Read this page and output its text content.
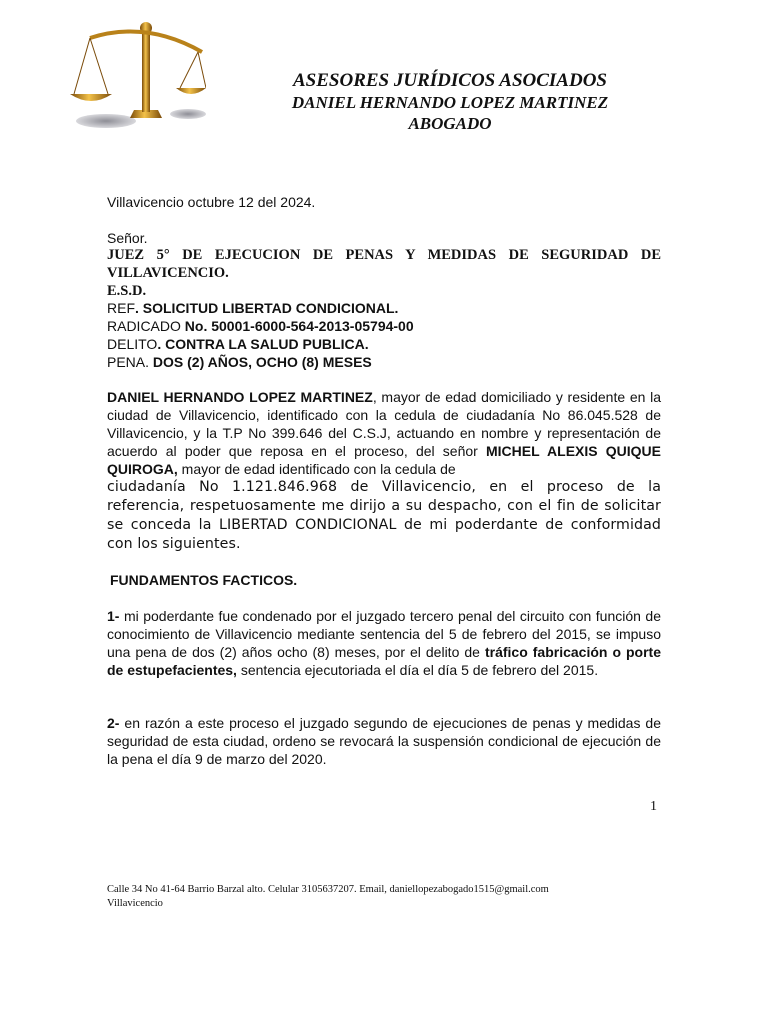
ASESORES JURÍDICOS ASOCIADOS
DANIEL HERNANDO LOPEZ MARTINEZ
ABOGADO
Villavicencio octubre 12 del 2024.
Señor.
JUEZ 5° DE EJECUCION DE PENAS Y MEDIDAS DE SEGURIDAD DE VILLAVICENCIO.
E.S.D.
REF. SOLICITUD LIBERTAD CONDICIONAL.
RADICADO No. 50001-6000-564-2013-05794-00
DELITO. CONTRA LA SALUD PUBLICA.
PENA. DOS (2) AÑOS, OCHO (8) MESES
DANIEL HERNANDO LOPEZ MARTINEZ, mayor de edad domiciliado y residente en la ciudad de Villavicencio, identificado con la cedula de ciudadanía No 86.045.528 de Villavicencio, y la T.P No 399.646 del C.S.J, actuando en nombre y representación de acuerdo al poder que reposa en el proceso, del señor MICHEL ALEXIS QUIQUE QUIROGA, mayor de edad identificado con la cedula de
ciudadanía No 1.121.846.968 de Villavicencio, en el proceso de la referencia, respetuosamente me dirijo a su despacho, con el fin de solicitar se conceda la LIBERTAD CONDICIONAL de mi poderdante de conformidad con los siguientes.
FUNDAMENTOS FACTICOS.
1- mi poderdante fue condenado por el juzgado tercero penal del circuito con función de conocimiento de Villavicencio mediante sentencia del 5 de febrero del 2015, se impuso una pena de dos (2) años ocho (8) meses, por el delito de tráfico fabricación o porte de estupefacientes, sentencia ejecutoriada el día el día 5 de febrero del 2015.
2- en razón a este proceso el juzgado segundo de ejecuciones de penas y medidas de seguridad de esta ciudad, ordeno se revocará la suspensión condicional de ejecución de la pena el día 9 de marzo del 2020.
1
Calle 34 No 41-64 Barrio Barzal alto. Celular 3105637207. Email, daniellopezabogado1515@gmail.com
Villavicencio
